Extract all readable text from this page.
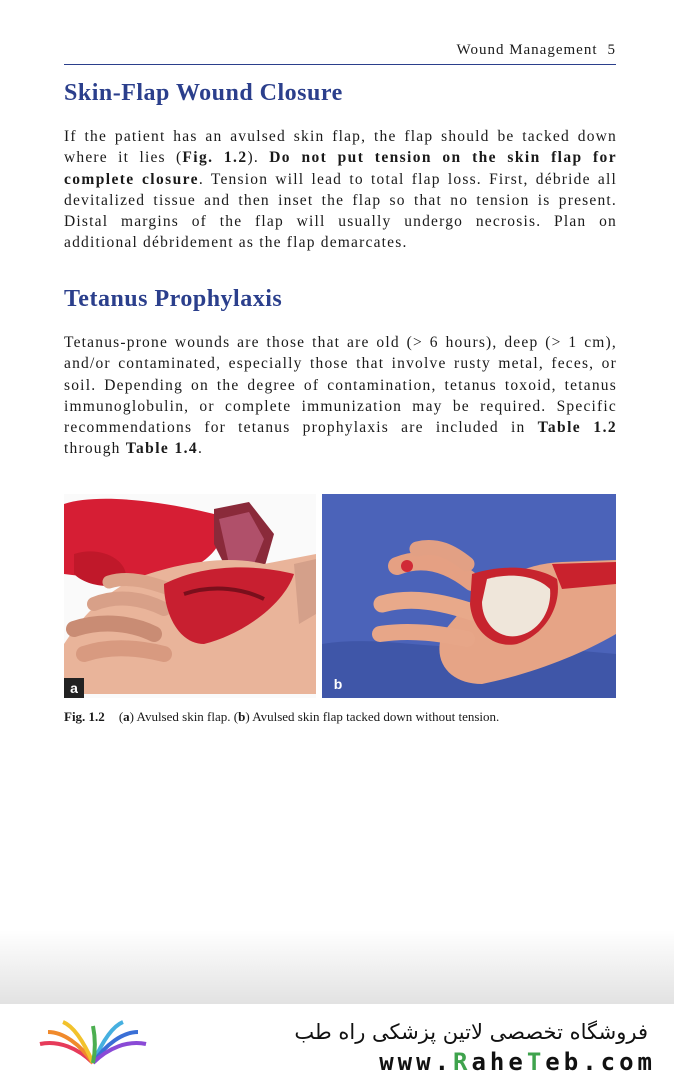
Wound Management 5
Skin-Flap Wound Closure

If the patient has an avulsed skin flap, the flap should be tacked down where it lies (Fig. 1.2). Do not put tension on the skin flap for complete closure. Tension will lead to total flap loss. First, débride all devitalized tissue and then inset the flap so that no tension is present. Distal margins of the flap will usually undergo necrosis. Plan on additional débridement as the flap demarcates.

Tetanus Prophylaxis

Tetanus-prone wounds are those that are old (> 6 hours), deep (> 1 cm), and/or contaminated, especially those that involve rusty metal, feces, or soil. Depending on the degree of contamination, tetanus toxoid, tetanus immunoglobulin, or complete immunization may be required. Specific recommendations for tetanus prophylaxis are included in Table 1.2 through Table 1.4.

a	b
Fig. 1.2 (a) Avulsed skin flap. (b) Avulsed skin flap tacked down without tension.
فروشگاه تخصصی لاتین پزشکی راه طب
www.RaheTeb.com
